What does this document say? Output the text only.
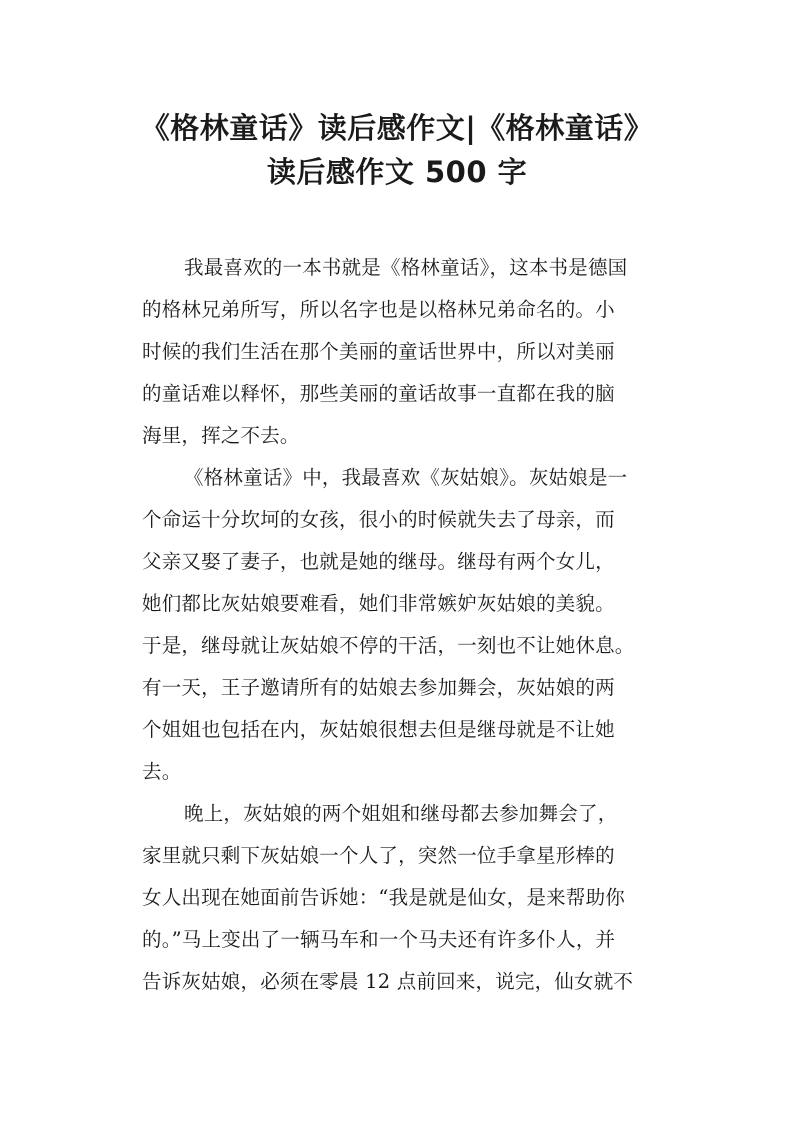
《格林童话》读后感作文|《格林童话》
读后感作文 500 字
我最喜欢的一本书就是《格林童话》，这本书是德国
的格林兄弟所写，所以名字也是以格林兄弟命名的。小
时候的我们生活在那个美丽的童话世界中，所以对美丽
的童话难以释怀，那些美丽的童话故事一直都在我的脑
海里，挥之不去。
《格林童话》中，我最喜欢《灰姑娘》。灰姑娘是一
个命运十分坎坷的女孩，很小的时候就失去了母亲，而
父亲又娶了妻子，也就是她的继母。继母有两个女儿，
她们都比灰姑娘要难看，她们非常嫉妒灰姑娘的美貌。
于是，继母就让灰姑娘不停的干活，一刻也不让她休息。
有一天，王子邀请所有的姑娘去参加舞会，灰姑娘的两
个姐姐也包括在内，灰姑娘很想去但是继母就是不让她
去。
晚上，灰姑娘的两个姐姐和继母都去参加舞会了，
家里就只剩下灰姑娘一个人了，突然一位手拿星形棒的
女人出现在她面前告诉她：“我是就是仙女，是来帮助你
的。”马上变出了一辆马车和一个马夫还有许多仆人，并
告诉灰姑娘，必须在零晨 12 点前回来，说完，仙女就不
